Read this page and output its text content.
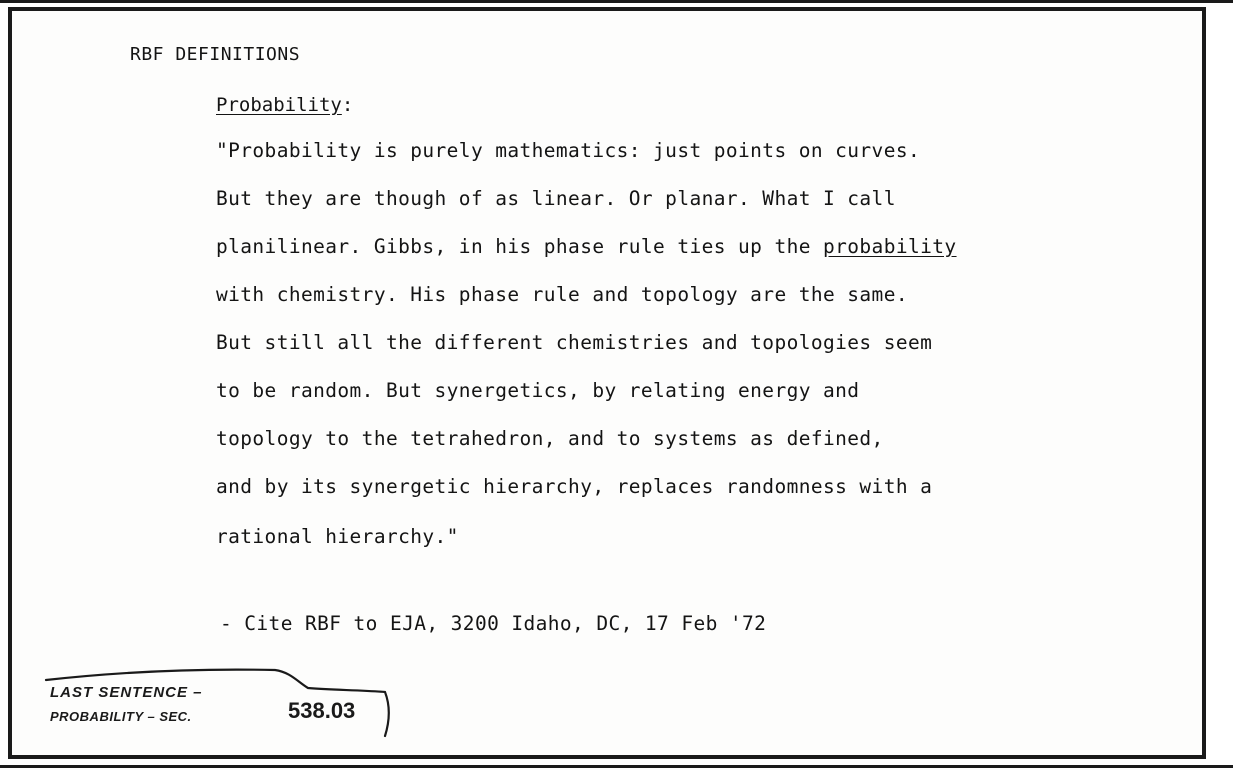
RBF DEFINITIONS
Probability:
"Probability is purely mathematics: just points on curves.
But they are though of as linear. Or planar. What I call
planilinear. Gibbs, in his phase rule ties up the probability
with chemistry. His phase rule and topology are the same.
But still all the different chemistries and topologies seem
to be random. But synergetics, by relating energy and
topology to the tetrahedron, and to systems as defined,
and by its synergetic hierarchy, replaces randomness with a
rational hierarchy."
- Cite RBF to EJA, 3200 Idaho, DC, 17 Feb '72
LAST SENTENCE –
PROBABILITY – SEC.	538.03
